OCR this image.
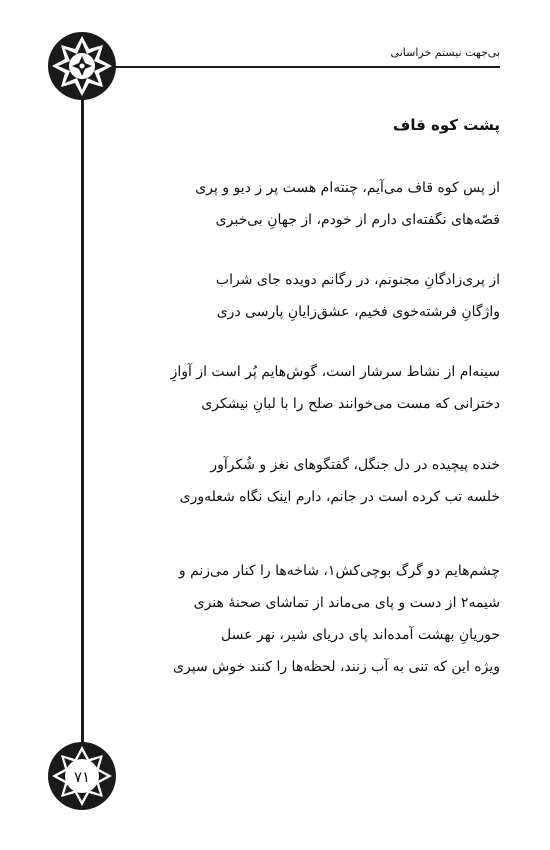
۷۱
بی‌جهت نیستم خراسانی
پشت کوه قاف
از پس کوه قاف می‌آیم، چنته‌ام هست پر ز دیو و پری
قصّه‌های نگفته‌ای دارم از خودم، از جهانِ بی‌خبری
از پری‌زادگانِ مجنونم، در رگانم دویده جای شراب
واژگانِ فرشته‌خوی فخیم، عشق‌زایانِ پارسی دری
سینه‌ام از نشاط سرشار است، گوش‌هایم پُر است از آوازِ
دخترانی که مست می‌خوانند صلح را با لبانِ نیشکری
خنده پیچیده در دل جنگل، گفتگوهای نغز و شُکرآور
خلسه تب کرده است در جانم، دارم اینک نگاه شعله‌وری
چشم‌هایم دو گرگ بوچی‌کش۱، شاخه‌ها را کنار می‌زنم و
شیمه۲ از دست و پای می‌ماند از تماشای صحنهٔ هنری
حوریانِ بهشت آمده‌اند پای دریای شیر، نهر عسل
ویژه این که تنی به آب زنند، لحظه‌ها را کنند خوش سپری
